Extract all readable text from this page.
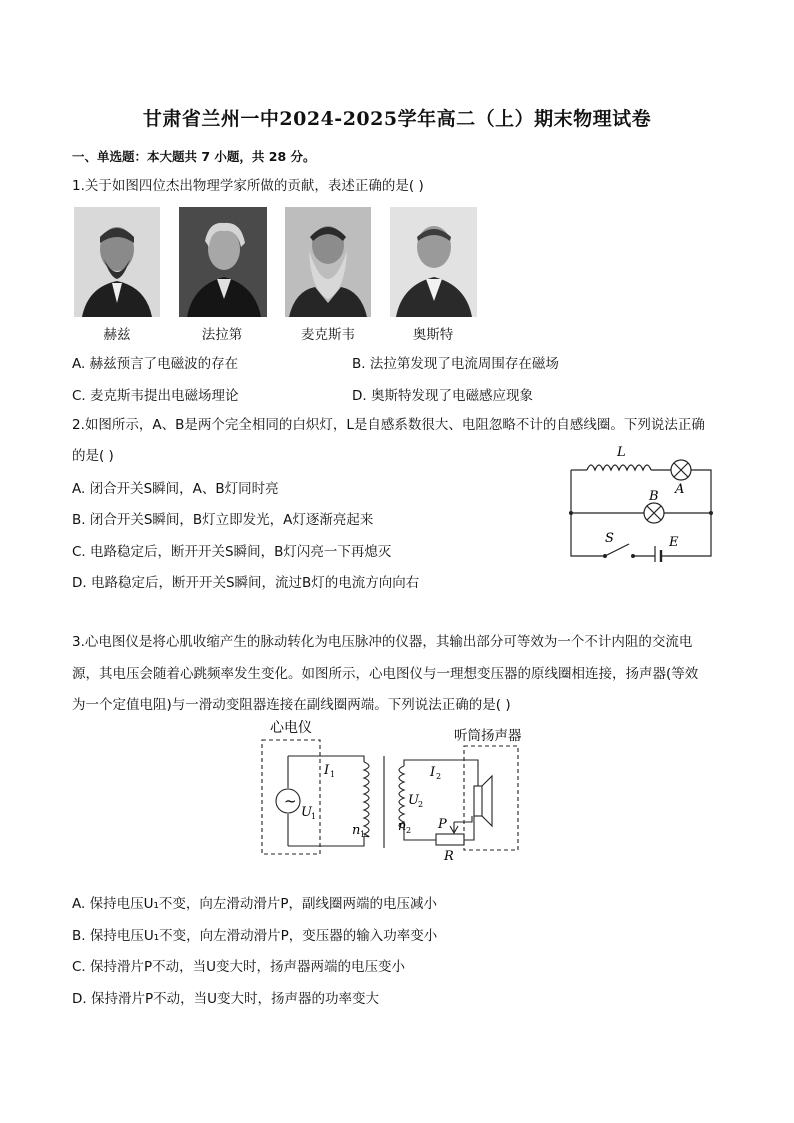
甘肃省兰州一中2024-2025学年高二（上）期末物理试卷
一、单选题：本大题共 7 小题，共 28 分。
1.关于如图四位杰出物理学家所做的贡献，表述正确的是( )
赫兹	法拉第	麦克斯韦	奥斯特
A. 赫兹预言了电磁波的存在	B. 法拉第发现了电流周围存在磁场
C. 麦克斯韦提出电磁场理论	D. 奥斯特发现了电磁感应现象
2.如图所示，A、B是两个完全相同的白炽灯，L是自感系数很大、电阻忽略不计的自感线圈。下列说法正确
的是( )
A. 闭合开关S瞬间，A、B灯同时亮
B. 闭合开关S瞬间，B灯立即发光，A灯逐渐亮起来
C. 电路稳定后，断开开关S瞬间，B灯闪亮一下再熄灭
D. 电路稳定后，断开开关S瞬间，流过B灯的电流方向向右
L
A
B
S	E
3.心电图仪是将心肌收缩产生的脉动转化为电压脉冲的仪器，其输出部分可等效为一个不计内阻的交流电
源，其电压会随着心跳频率发生变化。如图所示，心电图仪与一理想变压器的原线圈相连接，扬声器(等效
为一个定值电阻)与一滑动变阻器连接在副线圈两端。下列说法正确的是( )
心电仪	听筒扬声器
~
I
U
n
I
U
n P
R
1
1
1
2
2
2
A. 保持电压U₁不变，向左滑动滑片P，副线圈两端的电压减小
B. 保持电压U₁不变，向左滑动滑片P，变压器的输入功率变小
C. 保持滑片P不动，当U变大时，扬声器两端的电压变小
D. 保持滑片P不动，当U变大时，扬声器的功率变大
